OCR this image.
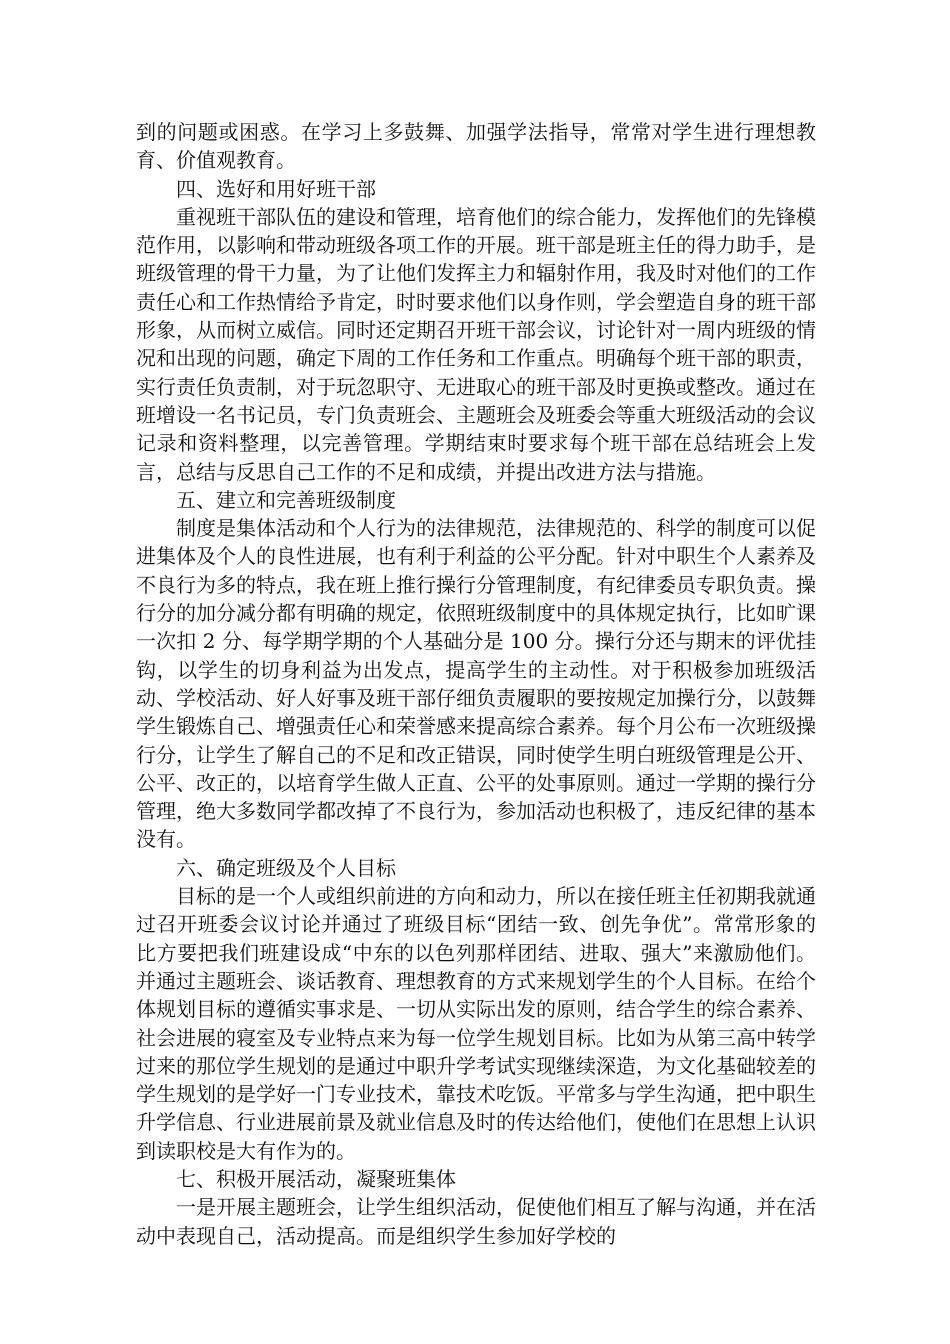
到的问题或困惑。在学习上多鼓舞、加强学法指导，常常对学生进行理想教育、价值观教育。

四、选好和用好班干部

重视班干部队伍的建设和管理，培育他们的综合能力，发挥他们的先锋模范作用，以影响和带动班级各项工作的开展。班干部是班主任的得力助手，是班级管理的骨干力量，为了让他们发挥主力和辐射作用，我及时对他们的工作责任心和工作热情给予肯定，时时要求他们以身作则，学会塑造自身的班干部形象，从而树立威信。同时还定期召开班干部会议，讨论针对一周内班级的情况和出现的问题，确定下周的工作任务和工作重点。明确每个班干部的职责，实行责任负责制，对于玩忽职守、无进取心的班干部及时更换或整改。通过在班增设一名书记员，专门负责班会、主题班会及班委会等重大班级活动的会议记录和资料整理，以完善管理。学期结束时要求每个班干部在总结班会上发言，总结与反思自己工作的不足和成绩，并提出改进方法与措施。

五、建立和完善班级制度

制度是集体活动和个人行为的法律规范，法律规范的、科学的制度可以促进集体及个人的良性进展，也有利于利益的公平分配。针对中职生个人素养及不良行为多的特点，我在班上推行操行分管理制度，有纪律委员专职负责。操行分的加分减分都有明确的规定，依照班级制度中的具体规定执行，比如旷课一次扣 2 分、每学期学期的个人基础分是 100 分。操行分还与期末的评优挂钩，以学生的切身利益为出发点，提高学生的主动性。对于积极参加班级活动、学校活动、好人好事及班干部仔细负责履职的要按规定加操行分，以鼓舞学生锻炼自己、增强责任心和荣誉感来提高综合素养。每个月公布一次班级操行分，让学生了解自己的不足和改正错误，同时使学生明白班级管理是公开、公平、改正的，以培育学生做人正直、公平的处事原则。通过一学期的操行分管理，绝大多数同学都改掉了不良行为，参加活动也积极了，违反纪律的基本没有。

六、确定班级及个人目标

目标的是一个人或组织前进的方向和动力，所以在接任班主任初期我就通过召开班委会议讨论并通过了班级目标“团结一致、创先争优”。常常形象的比方要把我们班建设成“中东的以色列那样团结、进取、强大”来激励他们。并通过主题班会、谈话教育、理想教育的方式来规划学生的个人目标。在给个体规划目标的遵循实事求是、一切从实际出发的原则，结合学生的综合素养、社会进展的寝室及专业特点来为每一位学生规划目标。比如为从第三高中转学过来的那位学生规划的是通过中职升学考试实现继续深造，为文化基础较差的学生规划的是学好一门专业技术，靠技术吃饭。平常多与学生沟通，把中职生升学信息、行业进展前景及就业信息及时的传达给他们，使他们在思想上认识到读职校是大有作为的。

七、积极开展活动，凝聚班集体

一是开展主题班会，让学生组织活动，促使他们相互了解与沟通，并在活动中表现自己，活动提高。而是组织学生参加好学校的
